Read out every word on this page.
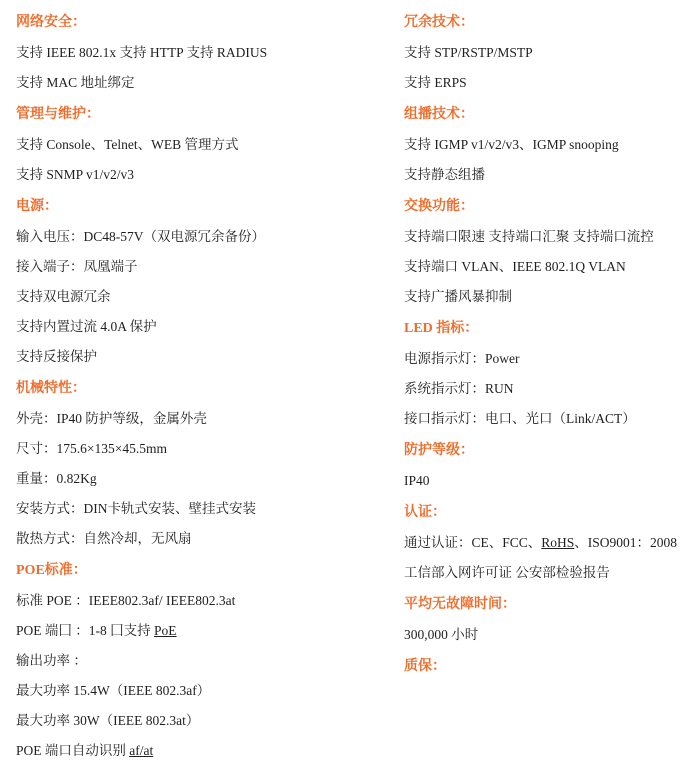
网络安全：
支持 IEEE 802.1x 支持 HTTP 支持 RADIUS
支持 MAC 地址绑定
管理与维护：
支持 Console、Telnet、WEB 管理方式
支持 SNMP v1/v2/v3
电源：
输入电压：DC48-57V（双电源冗余备份）
接入端子：凤凰端子
支持双电源冗余
支持内置过流 4.0A 保护
支持反接保护
机械特性：
外壳：IP40 防护等级，金属外壳
尺寸：175.6×135×45.5mm
重量：0.82Kg
安装方式：DIN卡轨式安装、壁挂式安装
散热方式：自然冷却，无风扇
POE标准：
标准 POE ：IEEE802.3af/ IEEE802.3at
POE 端囗 ：1-8 囗支持 PoE
输出功率 ：
最大功率 15.4W（IEEE 802.3af）
最大功率 30W（IEEE 802.3at）
POE 端口自动识别 af/at
冗余技术：
支持 STP/RSTP/MSTP
支持 ERPS
组播技术：
支持 IGMP v1/v2/v3、IGMP snooping
支持静态组播
交换功能：
支持端口限速 支持端口汇聚 支持端口流控
支持端口 VLAN、IEEE 802.1Q VLAN
支持广播风暴抑制
LED 指标：
电源指示灯：Power
系统指示灯：RUN
接口指示灯：电口、光口（Link/ACT）
防护等级：
IP40
认证：
通过认证：CE、FCC、RoHS、ISO9001：2008
工信部入网许可证 公安部检验报告
平均无故障时间：
300,000 小时
质保：
